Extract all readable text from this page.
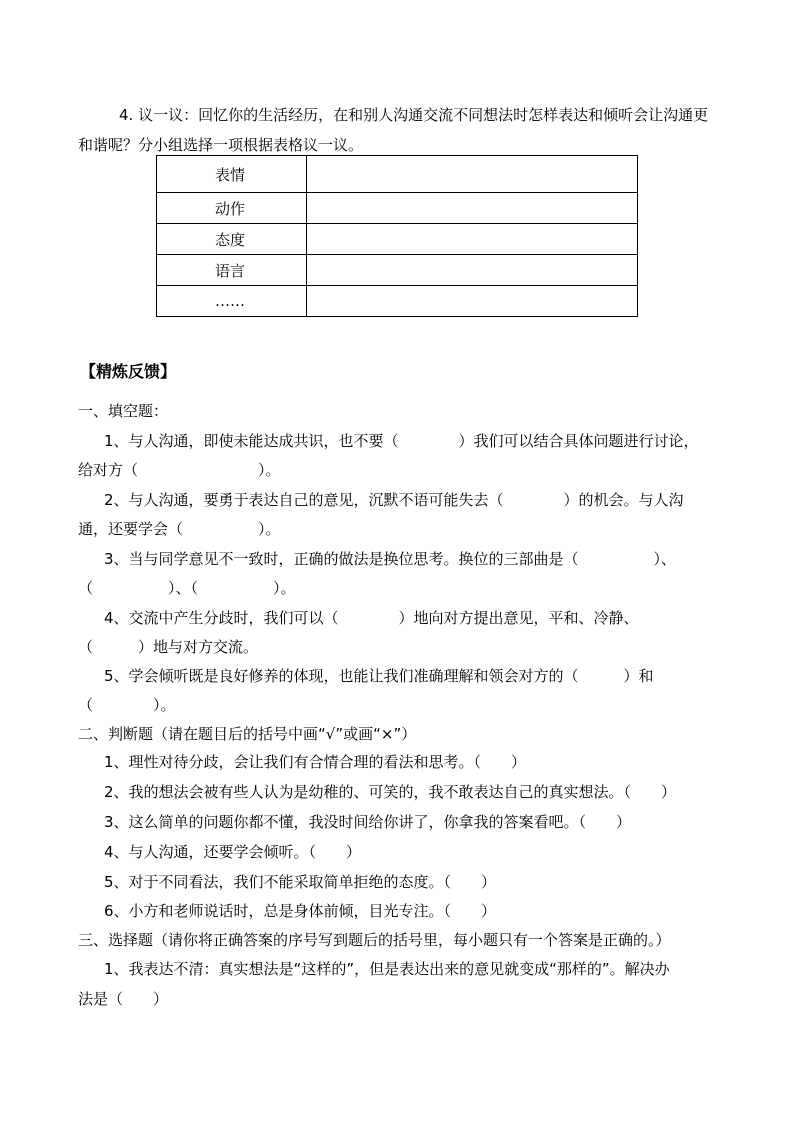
4. 议一议：回忆你的生活经历，在和别人沟通交流不同想法时怎样表达和倾听会让沟通更
和谐呢？分小组选择一项根据表格议一议。
表情	
动作	
态度	
语言	
……	
【精炼反馈】
一、填空题：
1、与人沟通，即使未能达成共识，也不要（　　　　）我们可以结合具体问题进行讨论，
给对方（　　　　　　　　）。
2、与人沟通，要勇于表达自己的意见，沉默不语可能失去（　　　　）的机会。与人沟
通，还要学会（　　　　　）。
3、当与同学意见不一致时，正确的做法是换位思考。换位的三部曲是（　　　　　）、
（　　　　　）、（　　　　　）。
4、交流中产生分歧时，我们可以（　　　　）地向对方提出意见，平和、冷静、
（　　　）地与对方交流。
5、学会倾听既是良好修养的体现，也能让我们准确理解和领会对方的（　　　）和
（　　　　）。
二、判断题（请在题目后的括号中画“√”或画“×”）
1、理性对待分歧，会让我们有合情合理的看法和思考。（　　）
2、我的想法会被有些人认为是幼稚的、可笑的，我不敢表达自己的真实想法。（　　）
3、这么简单的问题你都不懂，我没时间给你讲了，你拿我的答案看吧。（　　）
4、与人沟通，还要学会倾听。（　　）
5、对于不同看法，我们不能采取简单拒绝的态度。（　　）
6、小方和老师说话时，总是身体前倾，目光专注。（　　）
三、选择题（请你将正确答案的序号写到题后的括号里，每小题只有一个答案是正确的。）
1、我表达不清：真实想法是“这样的”，但是表达出来的意见就变成“那样的”。解决办
法是（　　）
